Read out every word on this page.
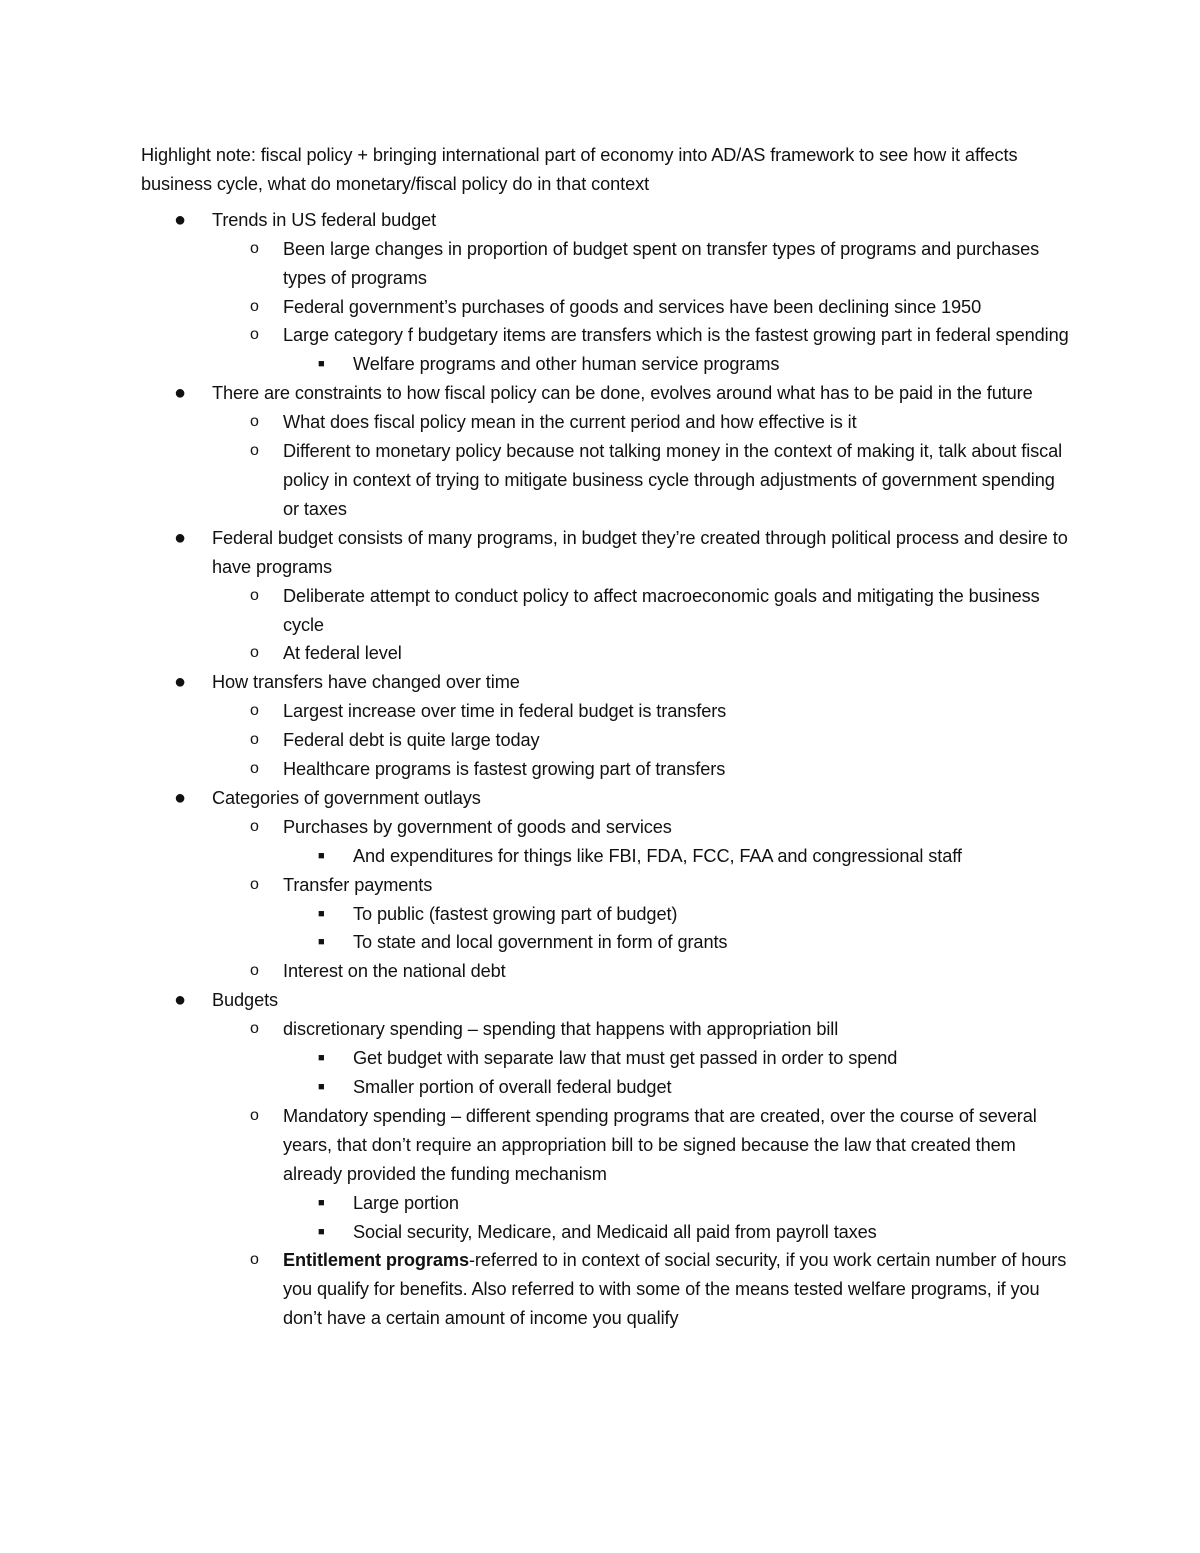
Highlight note: fiscal policy + bringing international part of economy into AD/AS framework to see how it affects business cycle, what do monetary/fiscal policy do in that context

● Trends in US federal budget
o Been large changes in proportion of budget spent on transfer types of programs and purchases types of programs
o Federal government’s purchases of goods and services have been declining since 1950
o Large category f budgetary items are transfers which is the fastest growing part in federal spending
■ Welfare programs and other human service programs
● There are constraints to how fiscal policy can be done, evolves around what has to be paid in the future
o What does fiscal policy mean in the current period and how effective is it
o Different to monetary policy because not talking money in the context of making it, talk about fiscal policy in context of trying to mitigate business cycle through adjustments of government spending or taxes
● Federal budget consists of many programs, in budget they’re created through political process and desire to have programs
o Deliberate attempt to conduct policy to affect macroeconomic goals and mitigating the business cycle
o At federal level
● How transfers have changed over time
o Largest increase over time in federal budget is transfers
o Federal debt is quite large today
o Healthcare programs is fastest growing part of transfers
● Categories of government outlays
o Purchases by government of goods and services
■ And expenditures for things like FBI, FDA, FCC, FAA and congressional staff
o Transfer payments
■ To public (fastest growing part of budget)
■ To state and local government in form of grants
o Interest on the national debt
● Budgets
o discretionary spending – spending that happens with appropriation bill
■ Get budget with separate law that must get passed in order to spend
■ Smaller portion of overall federal budget
o Mandatory spending – different spending programs that are created, over the course of several years, that don’t require an appropriation bill to be signed because the law that created them already provided the funding mechanism
■ Large portion
■ Social security, Medicare, and Medicaid all paid from payroll taxes
o Entitlement programs-referred to in context of social security, if you work certain number of hours you qualify for benefits. Also referred to with some of the means tested welfare programs, if you don’t have a certain amount of income you qualify
